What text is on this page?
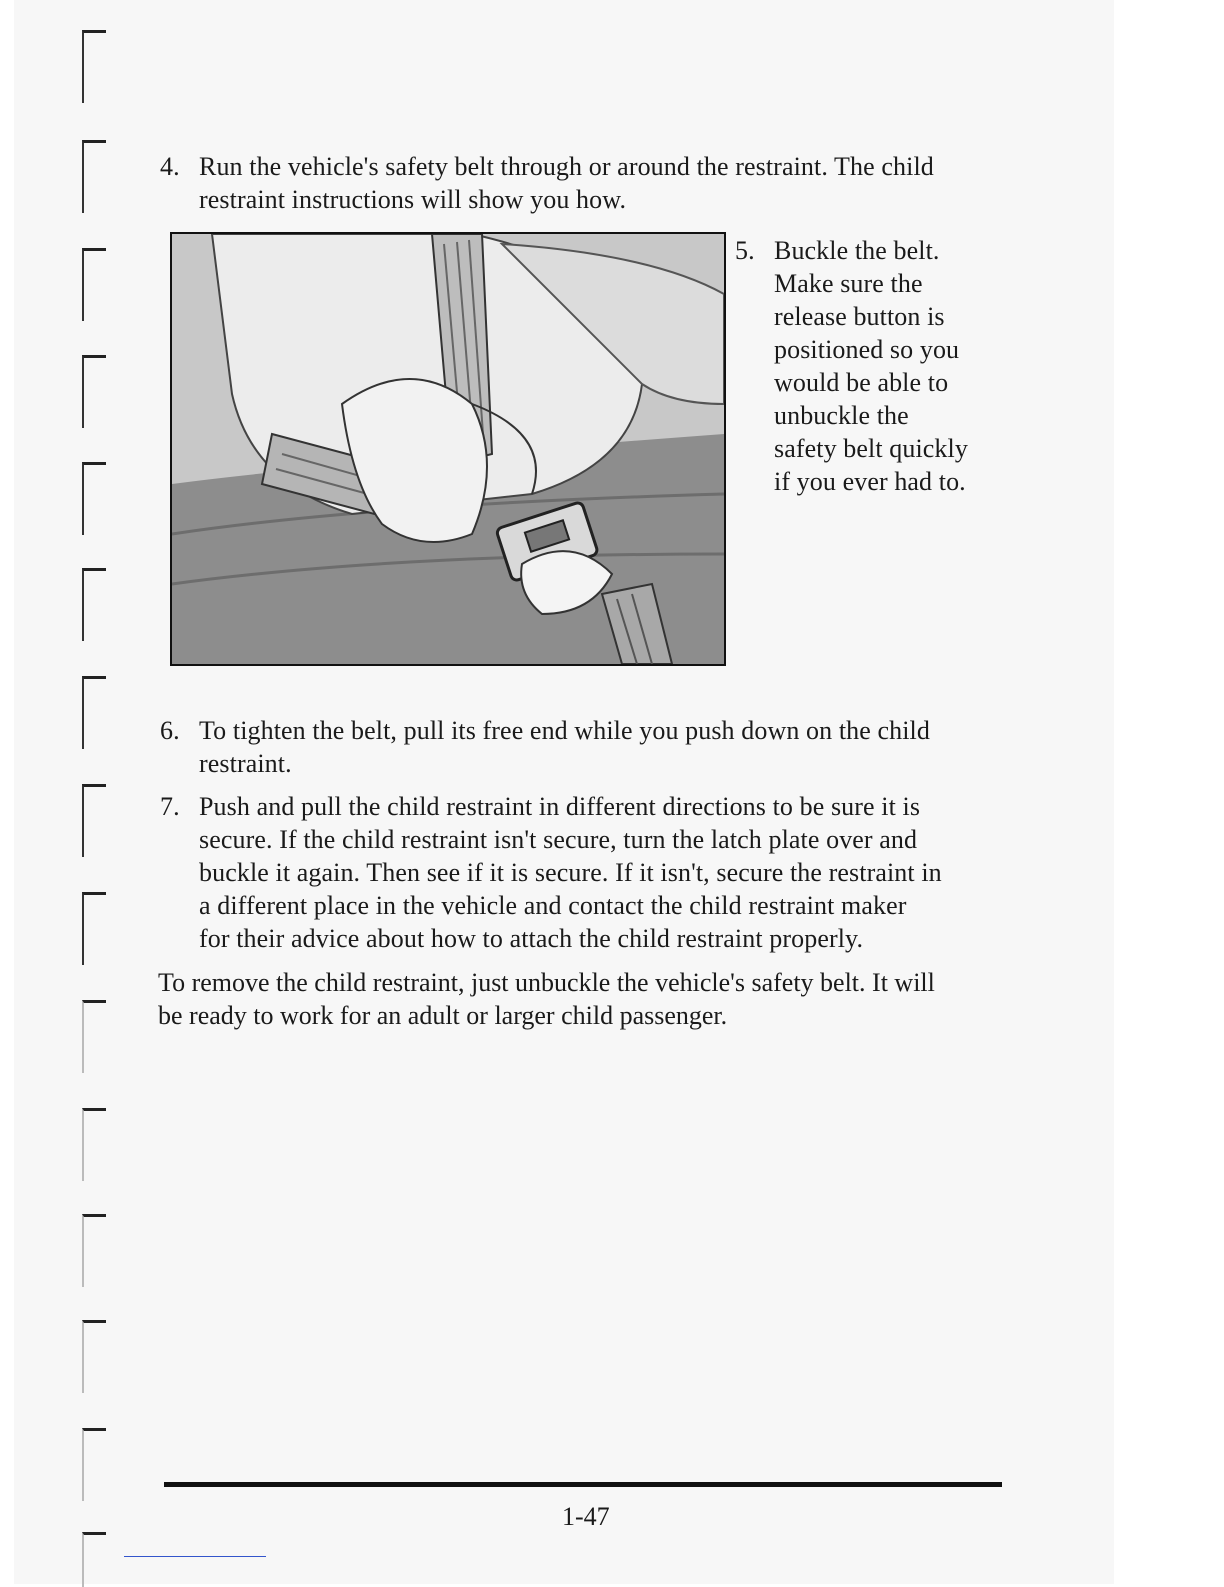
4. Run the vehicle's safety belt through or around the restraint. The child
restraint instructions will show you how.
5. Buckle the belt.
Make sure the
release button is
positioned so you
would be able to
unbuckle the
safety belt quickly
if you ever had to.
6. To tighten the belt, pull its free end while you push down on the child
restraint.
7. Push and pull the child restraint in different directions to be sure it is
secure. If the child restraint isn't secure, turn the latch plate over and
buckle it again. Then see if it is secure. If it isn't, secure the restraint in
a different place in the vehicle and contact the child restraint maker
for their advice about how to attach the child restraint properly.
To remove the child restraint, just unbuckle the vehicle's safety belt. It will
be ready to work for an adult or larger child passenger.
1-47
